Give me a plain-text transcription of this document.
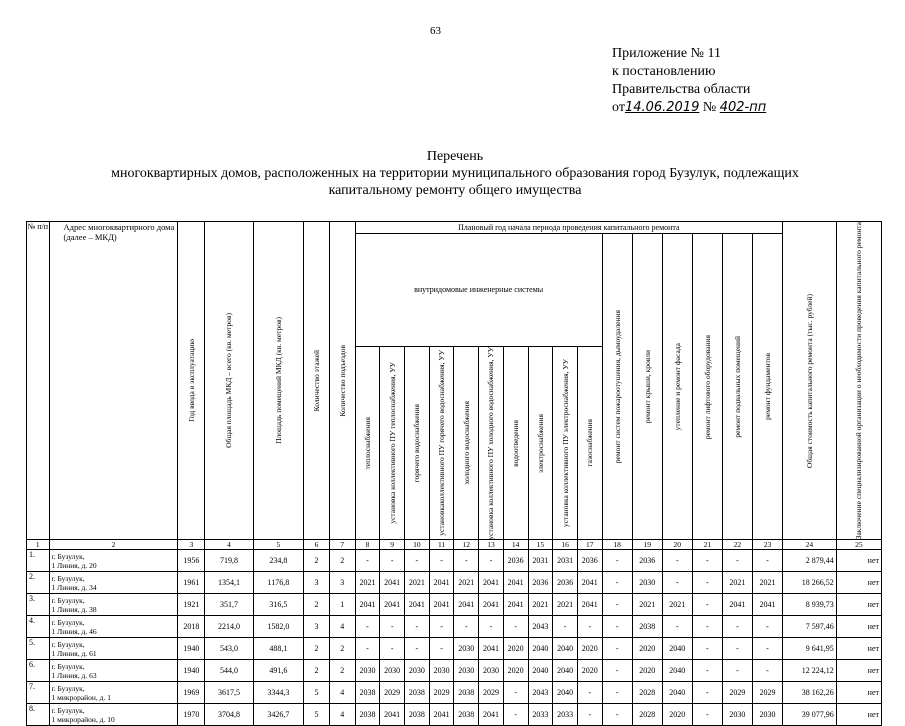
63
Приложение № 11
к постановлению
Правительства области
от14.06.2019 № 402-пп
Перечень
многоквартирных домов, расположенных на территории муниципального образования город Бузулук, подлежащих
капитальному ремонту общего имущества
№ п/п	Адрес многоквартирного дома (далее – МКД)	Год ввода в эксплуатацию	Общая площадь МКД – всего (кв. метров)	Площадь помещений МКД (кв. метров)	Количество этажей	Количество подъездов	Плановый год начала периода проведения капитального ремонта																Общая стоимость капитального ремонта (тыс. рублей)	Заключение специализированной организации о необходимости проведения капитального ремонта

							внутридомовые инженерные системы										ремонт систем пожароотушения, дымоудаления	ремонт крыши, кровли	утепление и ремонт фасада	ремонт лифтового оборудования	ремонт подвальных помещений	ремонт фундаментов		

							теплоснабжения	установка коллективного ПУ теплоснабжения, УУ	горячего водоснабжения	установкаколлективного ПУ горячего водоснабжения, УУ	холодного водоснабжения	установка коллективного ПУ холодного водоснабжения, УУ	водоотведения	электроснабжения	установка коллективного ПУ электроснабжения, УУ	газоснабжения								

1	2	3	4	5	6	7	8	9	10	11	12	13	14	15	16	17	18	19	20	21	22	23	24	25
1.	г. Бузулук,
1 Линия, д. 20	1956	719,8	234,8	2	2	-	-	-	-	-	-	2036	2031	2031	2036	-	2036	-	-	-	-	2 879,44	нет
2.	г. Бузулук,
1 Линия, д. 34	1961	1354,1	1176,8	3	3	2021	2041	2021	2041	2021	2041	2041	2036	2036	2041	-	2030	-	-	2021	2021	18 266,52	нет
3.	г. Бузулук,
1 Линия, д. 38	1921	351,7	316,5	2	1	2041	2041	2041	2041	2041	2041	2041	2021	2021	2041	-	2021	2021	-	2041	2041	8 939,73	нет
4.	г. Бузулук,
1 Линия, д. 46	2018	2214,0	1582,0	3	4	-	-	-	-	-	-	-	2043	-	-	-	2038	-	-	-	-	7 597,46	нет
5.	г. Бузулук,
1 Линия, д. 61	1940	543,0	488,1	2	2	-	-	-	-	2030	2041	2020	2040	2040	2020	-	2020	2040	-	-	-	9 641,95	нет
6.	г. Бузулук,
1 Линия, д. 63	1940	544,0	491,6	2	2	2030	2030	2030	2030	2030	2030	2020	2040	2040	2020	-	2020	2040	-	-	-	12 224,12	нет
7.	г. Бузулук,
1 микрорайон, д. 1	1969	3617,5	3344,3	5	4	2038	2029	2038	2029	2038	2029	-	2043	2040	-	-	2028	2040	-	2029	2029	38 162,26	нет
8.	г. Бузулук,
1 микрорайон, д. 10	1970	3704,8	3426,7	5	4	2038	2041	2038	2041	2038	2041	-	2033	2033	-	-	2028	2020	-	2030	2030	39 077,96	нет
